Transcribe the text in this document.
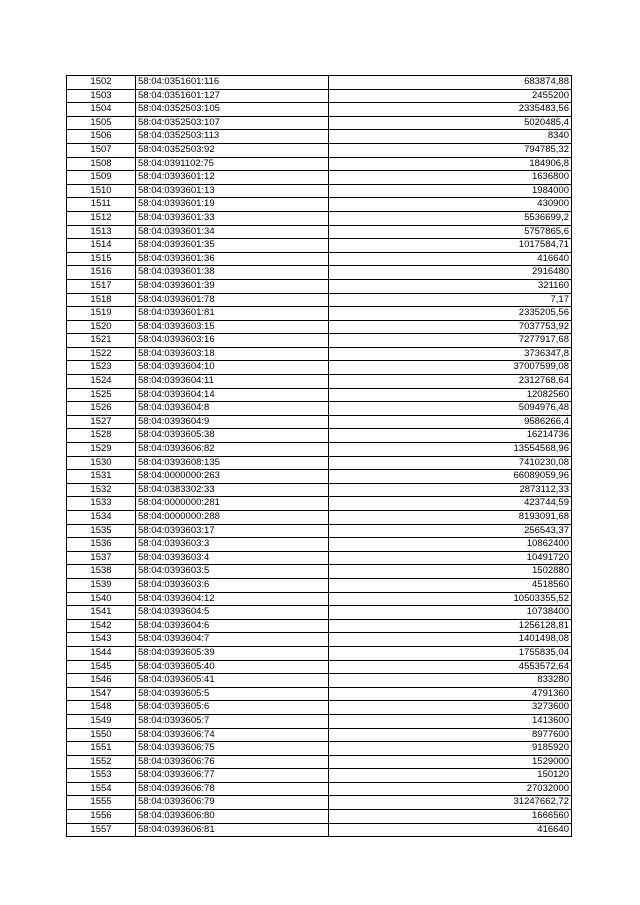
1502	58:04:0351601:116	683874,88
1503	58:04:0351601:127	2455200
1504	58:04:0352503:105	2335483,56
1505	58:04:0352503:107	5020485,4
1506	58:04:0352503:113	8340
1507	58:04:0352503:92	794785,32
1508	58:04:0391102:75	184906,8
1509	58:04:0393601:12	1636800
1510	58:04:0393601:13	1984000
1511	58:04:0393601:19	430900
1512	58:04:0393601:33	5536699,2
1513	58:04:0393601:34	5757865,6
1514	58:04:0393601:35	1017584,71
1515	58:04:0393601:36	416640
1516	58:04:0393601:38	2916480
1517	58:04:0393601:39	321160
1518	58:04:0393601:78	7,17
1519	58:04:0393601:81	2335205,56
1520	58:04:0393603:15	7037753,92
1521	58:04:0393603:16	7277917,68
1522	58:04:0393603:18	3736347,8
1523	58:04:0393604:10	37007599,08
1524	58:04:0393604:11	2312768,64
1525	58:04:0393604:14	12082560
1526	58:04:0393604:8	5094976,48
1527	58:04:0393604:9	9586266,4
1528	58:04:0393605:38	16214736
1529	58:04:0393606:82	13554568,96
1530	58:04:0393608:135	7410230,08
1531	58:04:0000000:263	66089059,96
1532	58:04:0383302:33	2873112,33
1533	58:04:0000000:281	423744,59
1534	58:04:0000000:288	8193091,68
1535	58:04:0393603:17	256543,37
1536	58:04:0393603:3	10862400
1537	58:04:0393603:4	10491720
1538	58:04:0393603:5	1502880
1539	58:04:0393603:6	4518560
1540	58:04:0393604:12	10503355,52
1541	58:04:0393604:5	10738400
1542	58:04:0393604:6	1256128,81
1543	58:04:0393604:7	1401498,08
1544	58:04:0393605:39	1755835,04
1545	58:04:0393605:40	4553572,64
1546	58:04:0393605:41	833280
1547	58:04:0393605:5	4791360
1548	58:04:0393605:6	3273600
1549	58:04:0393605:7	1413600
1550	58:04:0393606:74	8977600
1551	58:04:0393606:75	9185920
1552	58:04:0393606:76	1529000
1553	58:04:0393606:77	150120
1554	58:04:0393606:78	27032000
1555	58:04:0393606:79	31247662,72
1556	58:04:0393606:80	1666560
1557	58:04:0393606:81	416640
